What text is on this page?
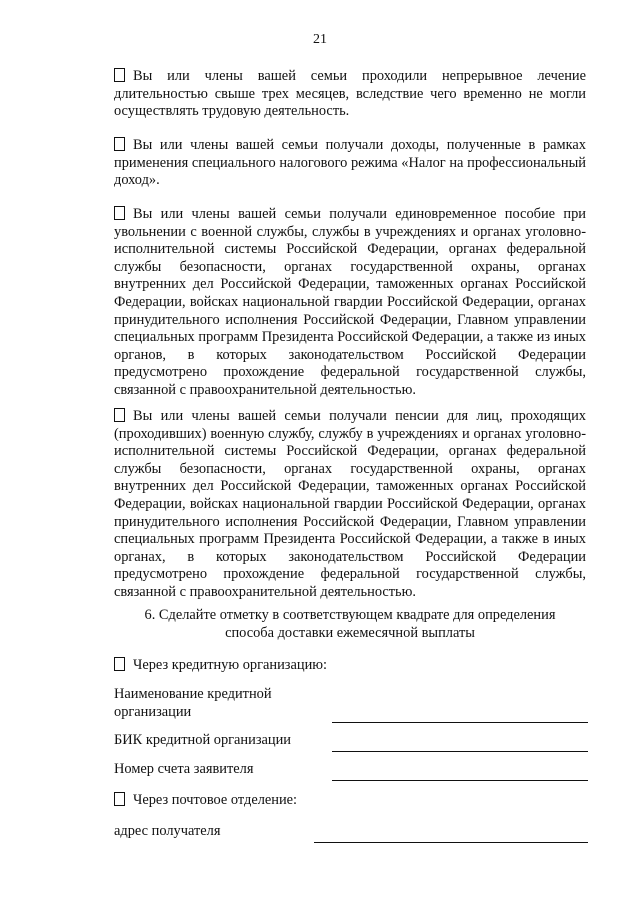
21
Вы или члены вашей семьи проходили непрерывное лечение длительностью свыше трех месяцев, вследствие чего временно не могли осуществлять трудовую деятельность.
Вы или члены вашей семьи получали доходы, полученные в рамках применения специального налогового режима «Налог на профессиональный доход».
Вы или члены вашей семьи получали единовременное пособие при увольнении с военной службы, службы в учреждениях и органах уголовно-исполнительной системы Российской Федерации, органах федеральной службы безопасности, органах государственной охраны, органах внутренних дел Российской Федерации, таможенных органах Российской Федерации, войсках национальной гвардии Российской Федерации, органах принудительного исполнения Российской Федерации, Главном управлении специальных программ Президента Российской Федерации, а также из иных органов, в которых законодательством Российской Федерации предусмотрено прохождение федеральной государственной службы, связанной с правоохранительной деятельностью.
Вы или члены вашей семьи получали пенсии для лиц, проходящих (проходивших) военную службу, службу в учреждениях и органах уголовно-исполнительной системы Российской Федерации, органах федеральной службы безопасности, органах государственной охраны, органах внутренних дел Российской Федерации, таможенных органах Российской Федерации, войсках национальной гвардии Российской Федерации, органах принудительного исполнения Российской Федерации, Главном управлении специальных программ Президента Российской Федерации, а также в иных органах, в которых законодательством Российской Федерации предусмотрено прохождение федеральной государственной службы, связанной с правоохранительной деятельностью.
6. Сделайте отметку в соответствующем квадрате для определения
способа доставки ежемесячной выплаты
Через кредитную организацию:
Наименование кредитной
организации
БИК кредитной организации
Номер счета заявителя
Через почтовое отделение:
адрес получателя
